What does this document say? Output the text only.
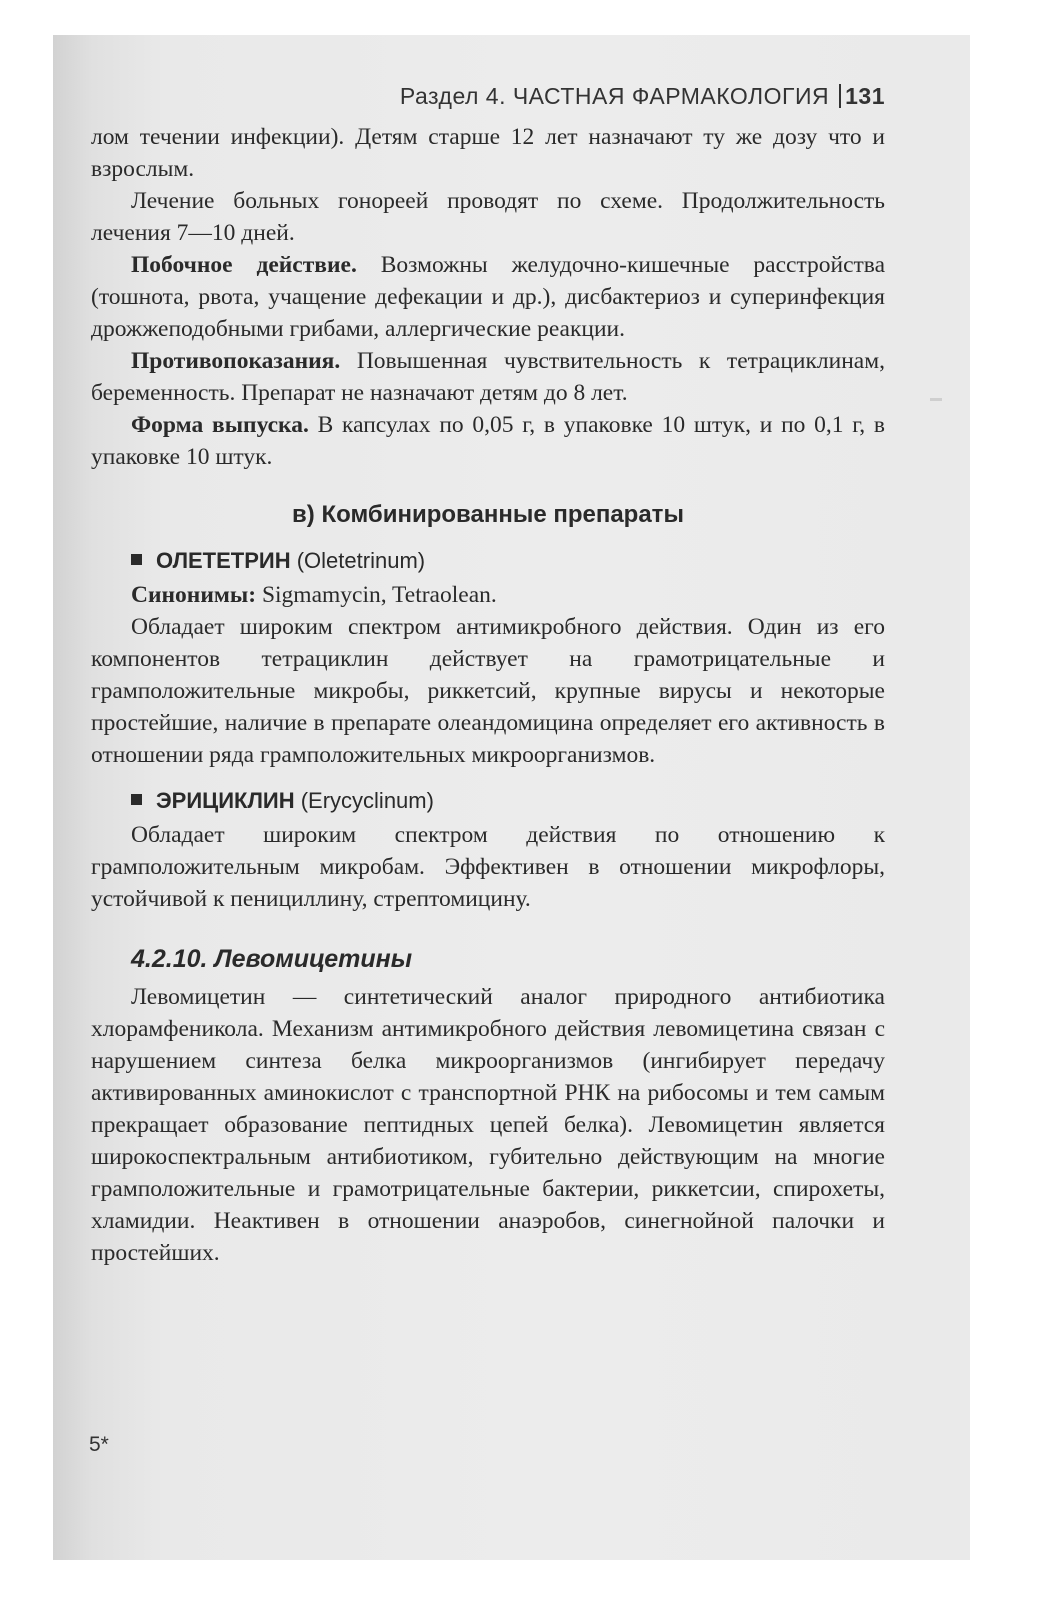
Раздел 4. ЧАСТНАЯ ФАРМАКОЛОГИЯ 131

лом течении инфекции). Детям старше 12 лет назначают ту же дозу что и взрослым.

Лечение больных гонореей проводят по схеме. Продолжительность лечения 7—10 дней.

Побочное действие. Возможны желудочно-кишечные расстройства (тошнота, рвота, учащение дефекации и др.), дисбактериоз и суперинфекция дрожжеподобными грибами, аллергические реакции.

Противопоказания. Повышенная чувствительность к тетрациклинам, беременность. Препарат не назначают детям до 8 лет.

Форма выпуска. В капсулах по 0,05 г, в упаковке 10 штук, и по 0,1 г, в упаковке 10 штук.

в) Комбинированные препараты
ОЛЕТЕТРИН (Oletetrinum)

Синонимы: Sigmamycin, Tetraolean.

Обладает широким спектром антимикробного действия. Один из его компонентов тетрациклин действует на грамотрицательные и грамположительные микробы, риккетсий, крупные вирусы и некоторые простейшие, наличие в препарате олеандомицина определяет его активность в отношении ряда грамположительных микроорганизмов.

ЭРИЦИКЛИН (Erycyclinum)

Обладает широким спектром действия по отношению к грамположительным микробам. Эффективен в отношении микрофлоры, устойчивой к пенициллину, стрептомицину.

4.2.10. Левомицетины

Левомицетин — синтетический аналог природного антибиотика хлорамфеникола. Механизм антимикробного действия левомицетина связан с нарушением синтеза белка микроорганизмов (ингибирует передачу активированных аминокислот с транспортной РНК на рибосомы и тем самым прекращает образование пептидных цепей белка). Левомицетин является широкоспектральным антибиотиком, губительно действующим на многие грамположительные и грамотрицательные бактерии, риккетсии, спирохеты, хламидии. Неактивен в отношении анаэробов, синегнойной палочки и простейших.

5*
